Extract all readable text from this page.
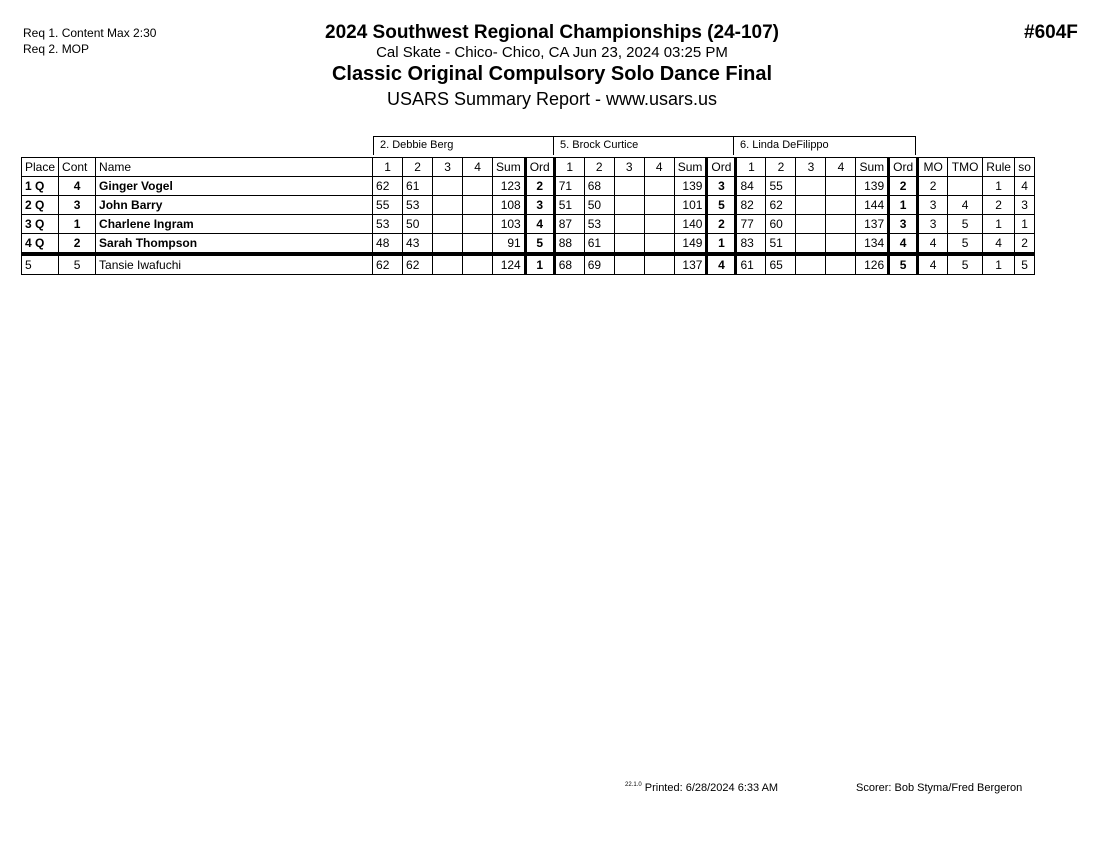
Req 1. Content Max 2:30
Req 2. MOP
#604F
2024 Southwest Regional Championships (24-107)
Cal Skate - Chico- Chico, CA Jun 23, 2024 03:25 PM
Classic Original Compulsory Solo Dance Final
USARS Summary Report - www.usars.us
2. Debbie Berg	5. Brock Curtice	6. Linda DeFilippo
Place	Cont	Name	1	2	3	4	Sum	Ord	1	2	3	4	Sum	Ord	1	2	3	4	Sum	Ord	MO	TMO	Rule	so
1 Q	4	Ginger Vogel	62	61			123	2	71	68			139	3	84	55			139	2	2		1	4
2 Q	3	John Barry	55	53			108	3	51	50			101	5	82	62			144	1	3	4	2	3
3 Q	1	Charlene Ingram	53	50			103	4	87	53			140	2	77	60			137	3	3	5	1	1
4 Q	2	Sarah Thompson	48	43			91	5	88	61			149	1	83	51			134	4	4	5	4	2
5	5	Tansie Iwafuchi	62	62			124	1	68	69			137	4	61	65			126	5	4	5	1	5
$^{22.1.0}$ Printed: 6/28/2024 6:33 AM	Scorer: Bob Styma/Fred Bergeron
